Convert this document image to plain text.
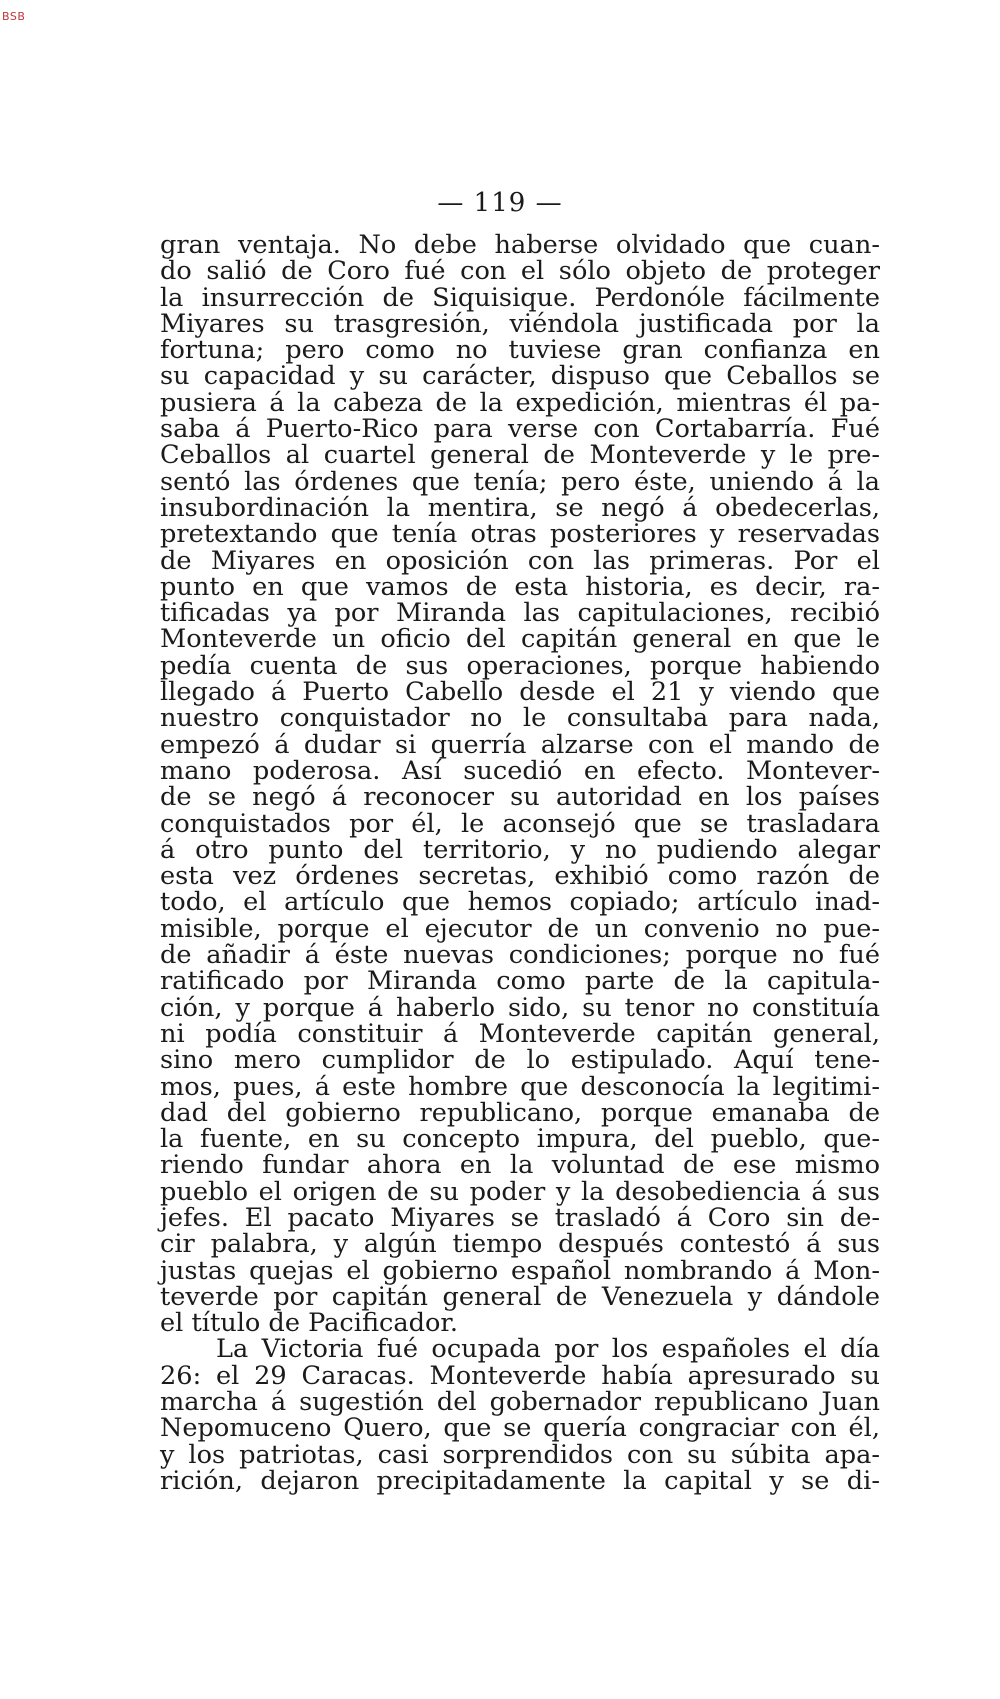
BSB
— 119 —
gran ventaja. No debe haberse olvidado que cuan-
do salió de Coro fué con el sólo objeto de proteger
la insurrección de Siquisique. Perdonóle fácilmente
Miyares su trasgresión, viéndola justificada por la
fortuna; pero como no tuviese gran confianza en
su capacidad y su carácter, dispuso que Ceballos se
pusiera á la cabeza de la expedición, mientras él pa-
saba á Puerto-Rico para verse con Cortabarría. Fué
Ceballos al cuartel general de Monteverde y le pre-
sentó las órdenes que tenía; pero éste, uniendo á la
insubordinación la mentira, se negó á obedecerlas,
pretextando que tenía otras posteriores y reservadas
de Miyares en oposición con las primeras. Por el
punto en que vamos de esta historia, es decir, ra-
tificadas ya por Miranda las capitulaciones, recibió
Monteverde un oficio del capitán general en que le
pedía cuenta de sus operaciones, porque habiendo
llegado á Puerto Cabello desde el 21 y viendo que
nuestro conquistador no le consultaba para nada,
empezó á dudar si querría alzarse con el mando de
mano poderosa. Así sucedió en efecto. Montever-
de se negó á reconocer su autoridad en los países
conquistados por él, le aconsejó que se trasladara
á otro punto del territorio, y no pudiendo alegar
esta vez órdenes secretas, exhibió como razón de
todo, el artículo que hemos copiado; artículo inad-
misible, porque el ejecutor de un convenio no pue-
de añadir á éste nuevas condiciones; porque no fué
ratificado por Miranda como parte de la capitula-
ción, y porque á haberlo sido, su tenor no constituía
ni podía constituir á Monteverde capitán general,
sino mero cumplidor de lo estipulado. Aquí tene-
mos, pues, á este hombre que desconocía la legitimi-
dad del gobierno republicano, porque emanaba de
la fuente, en su concepto impura, del pueblo, que-
riendo fundar ahora en la voluntad de ese mismo
pueblo el origen de su poder y la desobediencia á sus
jefes. El pacato Miyares se trasladó á Coro sin de-
cir palabra, y algún tiempo después contestó á sus
justas quejas el gobierno español nombrando á Mon-
teverde por capitán general de Venezuela y dándole
el título de Pacificador.
La Victoria fué ocupada por los españoles el día
26: el 29 Caracas. Monteverde había apresurado su
marcha á sugestión del gobernador republicano Juan
Nepomuceno Quero, que se quería congraciar con él,
y los patriotas, casi sorprendidos con su súbita apa-
rición, dejaron precipitadamente la capital y se di-
